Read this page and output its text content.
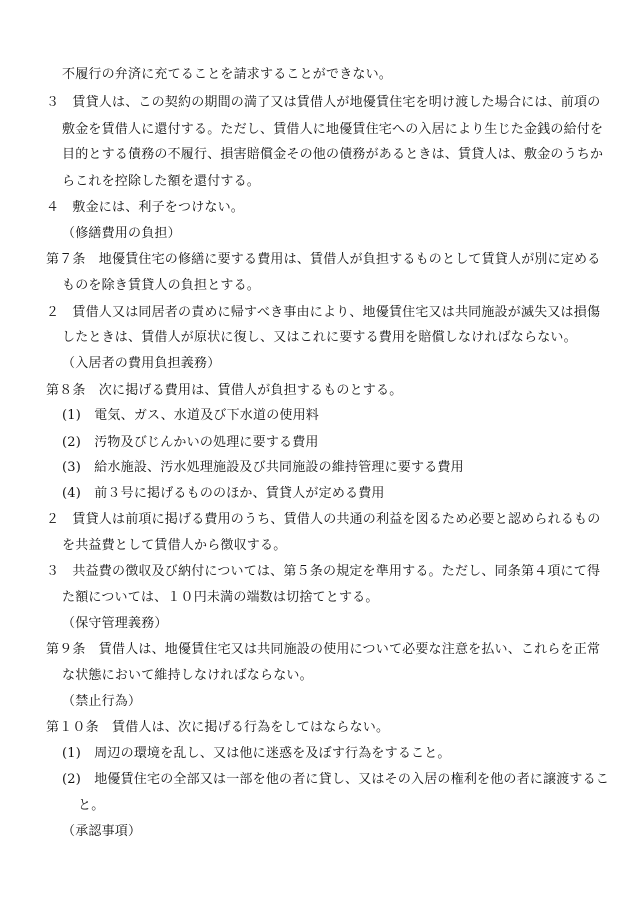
不履行の弁済に充てることを請求することができない。
３　賃貸人は、この契約の期間の満了又は賃借人が地優賃住宅を明け渡した場合には、前項の
敷金を賃借人に還付する。ただし、賃借人に地優賃住宅への入居により生じた金銭の給付を
目的とする債務の不履行、損害賠償金その他の債務があるときは、賃貸人は、敷金のうちか
らこれを控除した額を還付する。
４　敷金には、利子をつけない。
（修繕費用の負担）
第７条　地優賃住宅の修繕に要する費用は、賃借人が負担するものとして賃貸人が別に定める
ものを除き賃貸人の負担とする。
２　賃借人又は同居者の責めに帰すべき事由により、地優賃住宅又は共同施設が滅失又は損傷
したときは、賃借人が原状に復し、又はこれに要する費用を賠償しなければならない。
（入居者の費用負担義務）
第８条　次に掲げる費用は、賃借人が負担するものとする。
(1)　電気、ガス、水道及び下水道の使用料
(2)　汚物及びじんかいの処理に要する費用
(3)　給水施設、汚水処理施設及び共同施設の維持管理に要する費用
(4)　前３号に掲げるもののほか、賃貸人が定める費用
２　賃貸人は前項に掲げる費用のうち、賃借人の共通の利益を図るため必要と認められるもの
を共益費として賃借人から徴収する。
３　共益費の徴収及び納付については、第５条の規定を準用する。ただし、同条第４項にて得
た額については、１０円未満の端数は切捨てとする。
（保守管理義務）
第９条　賃借人は、地優賃住宅又は共同施設の使用について必要な注意を払い、これらを正常
な状態において維持しなければならない。
（禁止行為）
第１０条　賃借人は、次に掲げる行為をしてはならない。
(1)　周辺の環境を乱し、又は他に迷惑を及ぼす行為をすること。
(2)　地優賃住宅の全部又は一部を他の者に貸し、又はその入居の権利を他の者に譲渡するこ
と。
（承認事項）
